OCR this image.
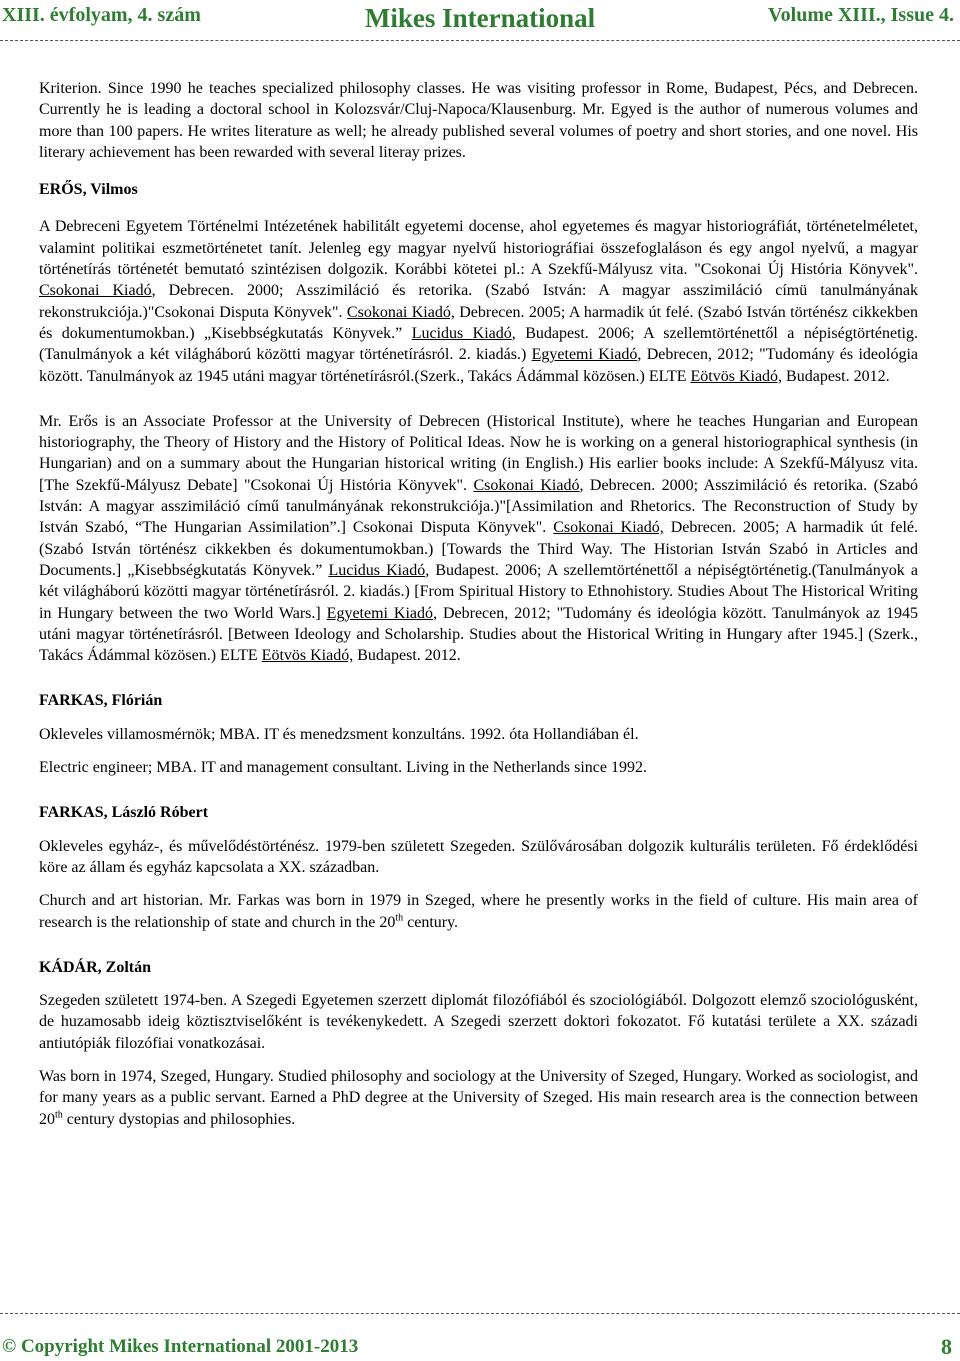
XIII. évfolyam, 4. szám	Mikes International	Volume XIII., Issue 4.

Kriterion. Since 1990 he teaches specialized philosophy classes. He was visiting professor in Rome, Budapest, Pécs, and Debrecen. Currently he is leading a doctoral school in Kolozsvár/Cluj-Napoca/Klausenburg. Mr. Egyed is the author of numerous volumes and more than 100 papers. He writes literature as well; he already published several volumes of poetry and short stories, and one novel. His literary achievement has been rewarded with several literay prizes.

ERŐS, Vilmos

A Debreceni Egyetem Történelmi Intézetének habilitált egyetemi docense, ahol egyetemes és magyar historiográfiát, történetelméletet, valamint politikai eszmetörténetet tanít. Jelenleg egy magyar nyelvű historiográfiai összefoglaláson és egy angol nyelvű, a magyar történetírás történetét bemutató szintézisen dolgozik. Korábbi kötetei pl.: A Szekfű-Mályusz vita. "Csokonai Új História Könyvek". Csokonai Kiadó, Debrecen. 2000; Asszimiláció és retorika. (Szabó István: A magyar asszimiláció címü tanulmányának rekonstrukciója.)"Csokonai Disputa Könyvek". Csokonai Kiadó, Debrecen. 2005; A harmadik út felé. (Szabó István történész cikkekben és dokumentumokban.) „Kisebbségkutatás Könyvek.” Lucidus Kiadó, Budapest. 2006; A szellemtörténettől a népiségtörténetig.(Tanulmányok a két világháború közötti magyar történetírásról. 2. kiadás.) Egyetemi Kiadó, Debrecen, 2012; "Tudomány és ideológia között. Tanulmányok az 1945 utáni magyar történetírásról.(Szerk., Takács Ádámmal közösen.) ELTE Eötvös Kiadó, Budapest. 2012.

Mr. Erős is an Associate Professor at the University of Debrecen (Historical Institute), where he teaches Hungarian and European historiography, the Theory of History and the History of Political Ideas. Now he is working on a general historiographical synthesis (in Hungarian) and on a summary about the Hungarian historical writing (in English.) His earlier books include: A Szekfű-Mályusz vita.[The Szekfű-Mályusz Debate] "Csokonai Új História Könyvek". Csokonai Kiadó, Debrecen. 2000; Asszimiláció és retorika. (Szabó István: A magyar asszimiláció című tanulmányának rekonstrukciója.)"[Assimilation and Rhetorics. The Reconstruction of Study by István Szabó, “The Hungarian Assimilation”.] Csokonai Disputa Könyvek". Csokonai Kiadó, Debrecen. 2005; A harmadik út felé. (Szabó István történész cikkekben és dokumentumokban.) [Towards the Third Way. The Historian István Szabó in Articles and Documents.] „Kisebbségkutatás Könyvek.” Lucidus Kiadó, Budapest. 2006; A szellemtörténettől a népiségtörténetig.(Tanulmányok a két világháború közötti magyar történetírásról. 2. kiadás.) [From Spiritual History to Ethnohistory. Studies About The Historical Writing in Hungary between the two World Wars.] Egyetemi Kiadó, Debrecen, 2012; "Tudomány és ideológia között. Tanulmányok az 1945 utáni magyar történetírásról. [Between Ideology and Scholarship. Studies about the Historical Writing in Hungary after 1945.] (Szerk., Takács Ádámmal közösen.) ELTE Eötvös Kiadó, Budapest. 2012.

FARKAS, Flórián

Okleveles villamosmérnök; MBA. IT és menedzsment konzultáns. 1992. óta Hollandiában él.

Electric engineer; MBA. IT and management consultant. Living in the Netherlands since 1992.

FARKAS, László Róbert

Okleveles egyház-, és művelődéstörténész. 1979-ben született Szegeden. Szülővárosában dolgozik kulturális területen. Fő érdeklődési köre az állam és egyház kapcsolata a XX. században.

Church and art historian. Mr. Farkas was born in 1979 in Szeged, where he presently works in the field of culture. His main area of research is the relationship of state and church in the 20th century.

KÁDÁR, Zoltán

Szegeden született 1974-ben. A Szegedi Egyetemen szerzett diplomát filozófiából és szociológiából. Dolgozott elemző szociológusként, de huzamosabb ideig köztisztviselőként is tevékenykedett. A Szegedi szerzett doktori fokozatot. Fő kutatási területe a XX. századi antiutópiák filozófiai vonatkozásai.

Was born in 1974, Szeged, Hungary. Studied philosophy and sociology at the University of Szeged, Hungary. Worked as sociologist, and for many years as a public servant. Earned a PhD degree at the University of Szeged. His main research area is the connection between 20th century dystopias and philosophies.

© Copyright Mikes International 2001-2013	8
